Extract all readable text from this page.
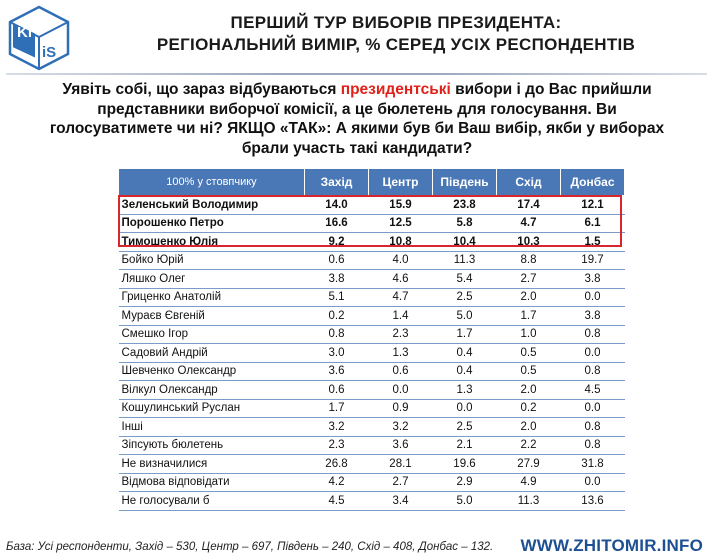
Ki
iS
ПЕРШИЙ ТУР ВИБОРІВ ПРЕЗИДЕНТА:
РЕГІОНАЛЬНИЙ ВИМІР, % СЕРЕД УСІХ РЕСПОНДЕНТІВ
Уявіть собі, що зараз відбуваються президентські вибори і до Вас прийшли представники виборчої комісії, а це бюлетень для голосування. Ви голосуватимете чи ні? ЯКЩО «ТАК»: А якими був би Ваш вибір, якби у виборах брали участь такі кандидати?
100% у стовпчику	Захід	Центр	Південь	Схід	Донбас
Зеленський Володимир	14.0	15.9	23.8	17.4	12.1
Порошенко Петро	16.6	12.5	5.8	4.7	6.1
Тимошенко Юлія	9.2	10.8	10.4	10.3	1.5
Бойко Юрій	0.6	4.0	11.3	8.8	19.7
Ляшко Олег	3.8	4.6	5.4	2.7	3.8
Гриценко Анатолій	5.1	4.7	2.5	2.0	0.0
Мураєв Євгеній	0.2	1.4	5.0	1.7	3.8
Смешко Ігор	0.8	2.3	1.7	1.0	0.8
Садовий Андрій	3.0	1.3	0.4	0.5	0.0
Шевченко Олександр	3.6	0.6	0.4	0.5	0.8
Вілкул Олександр	0.6	0.0	1.3	2.0	4.5
Кошулинський Руслан	1.7	0.9	0.0	0.2	0.0
Інші	3.2	3.2	2.5	2.0	0.8
Зіпсують бюлетень	2.3	3.6	2.1	2.2	0.8
Не визначилися	26.8	28.1	19.6	27.9	31.8
Відмова відповідати	4.2	2.7	2.9	4.9	0.0
Не голосували б	4.5	3.4	5.0	11.3	13.6
База: Усі респонденти, Захід – 530, Центр – 697, Південь – 240, Схід – 408, Донбас – 132. WWW.ZHITOMIR.INFO
